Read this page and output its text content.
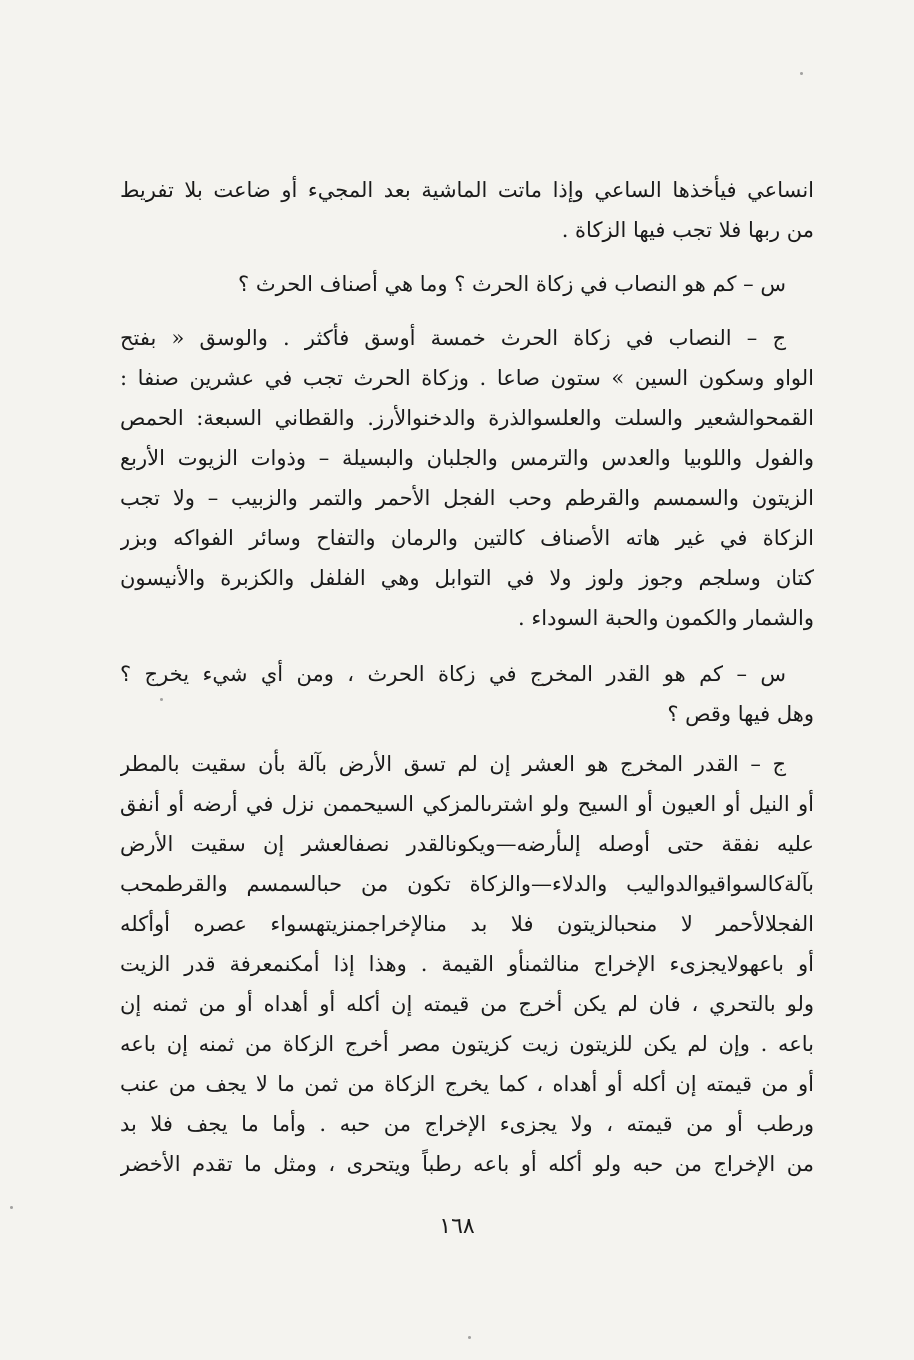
انساعي فيأخذها الساعي وإذا ماتت الماشية بعد المجيء أو ضاعت بلا تفريط
من ربها فلا تجب فيها الزكاة .
س – كم هو النصاب في زكاة الحرث ؟ وما هي أصناف الحرث ؟
ج – النصاب في زكاة الحرث خمسة أوسق فأكثر . والوسق « بفتح
الواو وسكون السين » ستون صاعا . وزكاة الحرث تجب في عشرين صنفا :
القمحوالشعير والسلت والعلسوالذرة والدخنوالأرز. والقطاني السبعة: الحمص
والفول واللوبيا والعدس والترمس والجلبان والبسيلة – وذوات الزيوت الأربع
الزيتون والسمسم والقرطم وحب الفجل الأحمر والتمر والزبيب – ولا تجب
الزكاة في غير هاته الأصناف كالتين والرمان والتفاح وسائر الفواكه وبزر
كتان وسلجم وجوز ولوز ولا في التوابل وهي الفلفل والكزبرة والأنيسون
والشمار والكمون والحبة السوداء .
س – كم هو القدر المخرج في زكاة الحرث ، ومن أي شيء يخرج ؟
وهل فيها وقص ؟
ج – القدر المخرج هو العشر إن لم تسق الأرض بآلة بأن سقيت بالمطر
أو النيل أو العيون أو السيح ولو اشترىالمزكي السيحممن نزل في أرضه أو أنفق
عليه نفقة حتى أوصله إلىأرضه—ويكونالقدر نصفالعشر إن سقيت الأرض
بآلةكالسواقيوالدواليب والدلاء—والزكاة تكون من حبالسمسم والقرطمحب
الفجلالأحمر لا منحبالزيتون فلا بد منالإخراجمنزيتهسواء عصره أوأكله
أو باعهولايجزىء الإخراج منالثمنأو القيمة . وهذا إذا أمكنمعرفة قدر الزيت
ولو بالتحري ، فان لم يكن أخرج من قيمته إن أكله أو أهداه أو من ثمنه إن
باعه . وإن لم يكن للزيتون زيت كزيتون مصر أخرج الزكاة من ثمنه إن باعه
أو من قيمته إن أكله أو أهداه ، كما يخرج الزكاة من ثمن ما لا يجف من عنب
ورطب أو من قيمته ، ولا يجزىء الإخراج من حبه . وأما ما يجف فلا بد
من الإخراج من حبه ولو أكله أو باعه رطباً ويتحرى ، ومثل ما تقدم الأخضر
١٦٨
